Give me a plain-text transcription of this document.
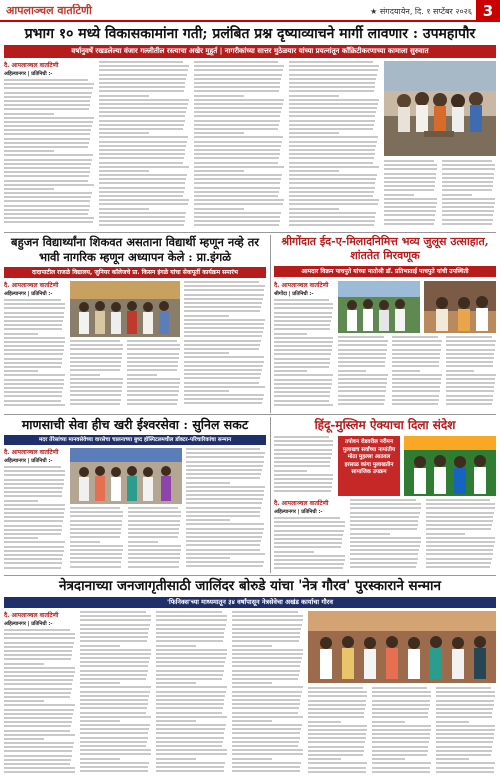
आपलाञ्चल वार्ताटेणी	★ संगदयायेन, दि. १ सप्टेंबर २०२६ 3
प्रभाग १० मध्ये विकासकामांना गती; प्रलंबित प्रश्न दृष्याव्याचने मार्गी लावणार : उपमहापौर
वर्षानुवर्षे रखडलेल्या वंजार गल्लीतील रस्त्याचा अखेर मुहूर्त | नागरीकांच्या सात्तर मुठेळयार यांच्या प्रयत्नांतून काँक्रिटीकरणाच्या कामाला सुरुवात
दै. आपलाञ्चल वार्ताटेणी
अहिल्यानगर | प्रतिनिधी :-
बहुजन विद्यार्थ्यांना शिकवत असताना विद्यार्थी म्हणून नव्हे तर भावी नागरिक म्हणून अध्यापन केले : प्रा.इंगळे
दादापाटील राजळे विद्यालय, जुनियर कॉलेजचे प्रा. किसन इंगळे यांचा सेवापूर्ती कार्यक्रम समारंभ
दै. आपलाञ्चल वार्ताटेणी
अहिल्यानगर | प्रतिनिधी :-
श्रीगोंदात ईद-ए-मिलादनिमित्त भव्य जुलूस उत्साहात, शांततेत मिरवणूक
आमदार विक्रम पाचपुते यांच्या मातोश्री डॉ. प्रतिभाताई पाचपुते यांची उपस्थिती
दै. आपलाञ्चल वार्ताटेणी
श्रीगोंदा | प्रतिनिधी :-
माणसाची सेवा हीच खरी ईश्वरसेवा : सुनिल सकट
मदर तेरेसांच्या मानवसेवेच्या वारसेचा चालनाच्या बुध्द हॉस्पिटलमधील डॉक्टर-परिचारिकांचा सन्मान
दै. आपलाञ्चल वार्ताटेणी
अहिल्यानगर | प्रतिनिधी :-
हिंदू-मुस्लिम ऐक्याचा दिला संदेश
तपोवन रोडवरील नरीमन मुलाखच सर्वांच्या नामांतीय मोठा मुहल्ला आठवल इरसाळ कांगा मुलाखतीन सामाजिक उपक्रम
दै. आपलाञ्चल वार्ताटेणी
अहिल्यानगर | प्रतिनिधी :-
नेत्रदानाच्या जनजागृतीसाठी जालिंदर बोरुडे यांचा 'नेत्र गौरव' पुरस्काराने सन्मान
'फिनिक्स'च्या माध्यमातून ३४ वर्षांपासून नेत्रसेवेचा अखंड कार्याचा गौरव
दै. आपलाञ्चल वार्ताटेणी
अहिल्यानगर | प्रतिनिधी :-
